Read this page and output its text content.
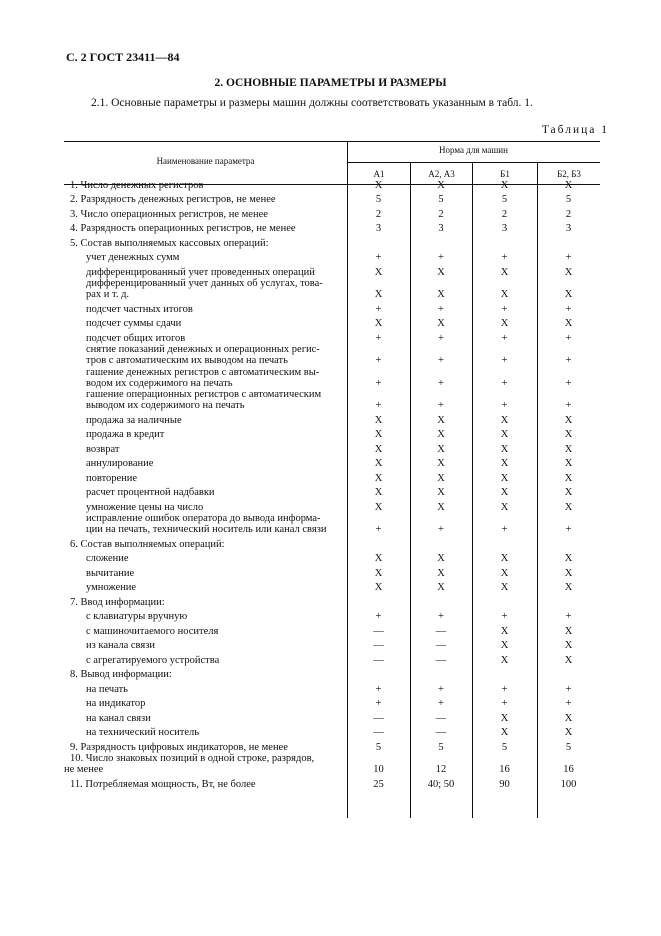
С. 2 ГОСТ 23411—84
2. ОСНОВНЫЕ ПАРАМЕТРЫ И РАЗМЕРЫ
2.1. Основные параметры и размеры машин должны соответствовать указанным в табл. 1.
Таблица 1
Наименование параметра
Норма для машин
А1	А2, А3	Б1	Б2, Б3
1. Число денежных регистров	Х	Х	Х	Х

2. Разрядность денежных регистров, не менее	5	5	5	5

3. Число операционных регистров, не менее	2	2	2	2

4. Разрядность операционных регистров, не менее	3	3	3	3

5. Состав выполняемых кассовых операций:				

учет денежных сумм	+	+	+	+

дифференцированный учет проведенных операций	Х	Х	Х	Х

дифференцированный учет данных об услугах, това-
рах и т. д.	Х	Х	Х	Х

подсчет частных итогов	+	+	+	+

подсчет суммы сдачи	Х	Х	Х	Х

подсчет общих итогов	+	+	+	+

снятие показаний денежных и операционных регис-
тров с автоматическим их выводом на печать	+	+	+	+

гашение денежных регистров с автоматическим вы-
водом их содержимого на печать	+	+	+	+

гашение операционных регистров с автоматическим
выводом их содержимого на печать	+	+	+	+

продажа за наличные	Х	Х	Х	Х

продажа в кредит	Х	Х	Х	Х

возврат	Х	Х	Х	Х

аннулирование	Х	Х	Х	Х

повторение	Х	Х	Х	Х

расчет процентной надбавки	Х	Х	Х	Х

умножение цены на число	Х	Х	Х	Х

исправление ошибок оператора до вывода информа-
ции на печать, технический носитель или канал связи	+	+	+	+

6. Состав выполняемых операций:				

сложение	Х	Х	Х	Х

вычитание	Х	Х	Х	Х

умножение	Х	Х	Х	Х

7. Ввод информации:				

с клавиатуры вручную	+	+	+	+

с машиночитаемого носителя	—	—	Х	Х

из канала связи	—	—	Х	Х

с агрегатируемого устройства	—	—	Х	Х

8. Вывод информации:				

на печать	+	+	+	+

на индикатор	+	+	+	+

на канал связи	—	—	Х	Х

на технический носитель	—	—	Х	Х

9. Разрядность цифровых индикаторов, не менее	5	5	5	5

10. Число знаковых позиций в одной строке, разрядов,
не менее	10	12	16	16

11. Потребляемая мощность, Вт, не более	25	40; 50	90	100
